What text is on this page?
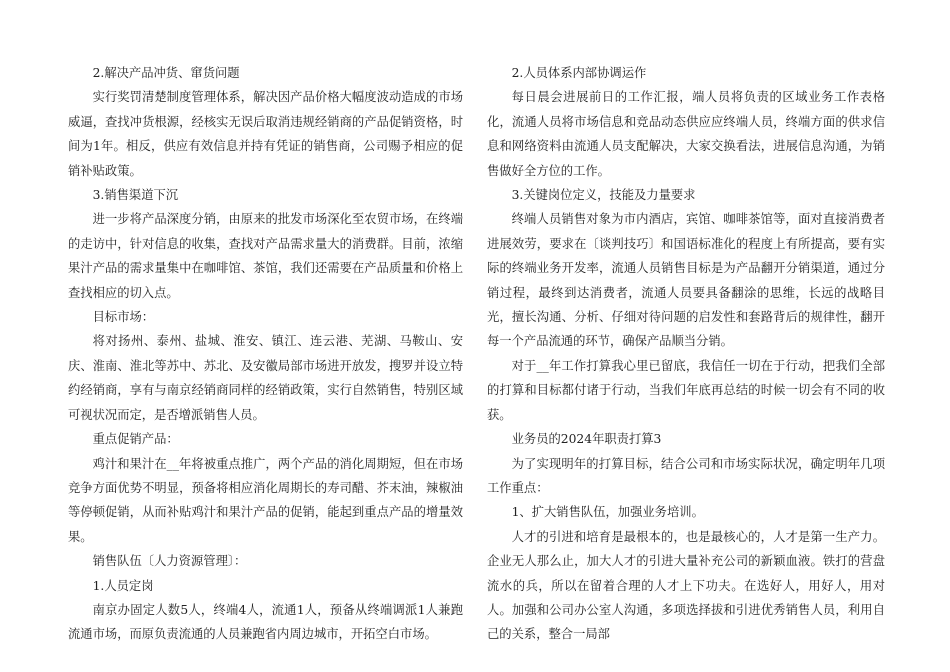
2.解决产品冲货、窜货问题

实行奖罚清楚制度管理体系，解决因产品价格大幅度波动造成的市场威逼，查找冲货根源，经核实无误后取消违规经销商的产品促销资格，时间为1年。相反，供应有效信息并持有凭证的销售商，公司赐予相应的促销补贴政策。

3.销售渠道下沉

进一步将产品深度分销，由原来的批发市场深化至农贸市场，在终端的走访中，针对信息的收集，查找对产品需求量大的消费群。目前，浓缩果汁产品的需求量集中在咖啡馆、茶馆，我们还需要在产品质量和价格上查找相应的切入点。

目标市场：

将对扬州、泰州、盐城、淮安、镇江、连云港、芜湖、马鞍山、安庆、淮南、淮北等苏中、苏北、及安徽局部市场进开放发，搜罗并设立特约经销商，享有与南京经销商同样的经销政策，实行自然销售，特别区域可视状况而定，是否增派销售人员。

重点促销产品：

鸡汁和果汁在__年将被重点推广，两个产品的消化周期短，但在市场竞争方面优势不明显，预备将相应消化周期长的寿司醋、芥末油，辣椒油等停顿促销，从而补贴鸡汁和果汁产品的促销，能起到重点产品的增量效果。

销售队伍〔人力资源管理〕：

1.人员定岗

南京办固定人数5人，终端4人，流通1人，预备从终端调派1人兼跑流通市场，而原负责流通的人员兼跑省内周边城市，开拓空白市场。

2.人员体系内部协调运作

每日晨会进展前日的工作汇报，端人员将负责的区域业务工作表格化，流通人员将市场信息和竞品动态供应应终端人员，终端方面的供求信息和网络资料由流通人员支配解决，大家交换看法，进展信息沟通，为销售做好全方位的工作。

3.关键岗位定义，技能及力量要求

终端人员销售对象为市内酒店，宾馆、咖啡茶馆等，面对直接消费者进展效劳，要求在〔谈判技巧〕和国语标准化的程度上有所提高，要有实际的终端业务开发率，流通人员销售目标是为产品翻开分销渠道，通过分销过程，最终到达消费者，流通人员要具备翻涂的思维，长远的战略目光，擅长沟通、分析、仔细对待问题的启发性和套路背后的规律性，翻开每一个产品流通的环节，确保产品顺当分销。

对于__年工作打算我心里已留底，我信任一切在于行动，把我们全部的打算和目标都付诸于行动，当我们年底再总结的时候一切会有不同的收获。

业务员的2024年职责打算3

为了实现明年的打算目标，结合公司和市场实际状况，确定明年几项工作重点：

1、扩大销售队伍，加强业务培训。

人才的引进和培育是最根本的，也是最核心的，人才是第一生产力。企业无人那么止，加大人才的引进大量补充公司的新颖血液。铁打的营盘流水的兵，所以在留着合理的人才上下功夫。在选好人，用好人，用对人。加强和公司办公室人沟通，多项选择拔和引进优秀销售人员，利用自己的关系，整合一局部
